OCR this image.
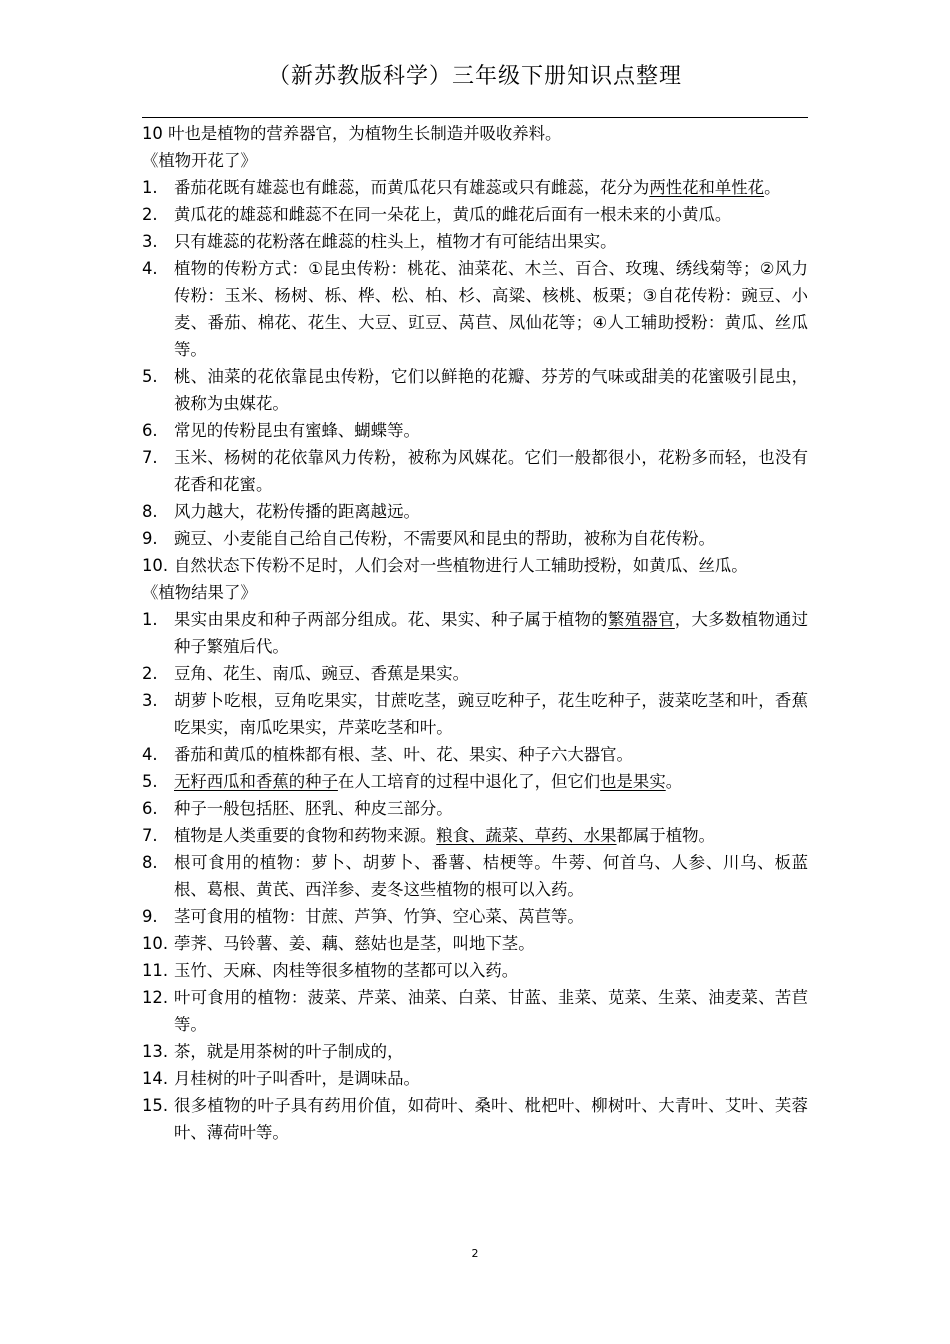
（新苏教版科学）三年级下册知识点整理

10 叶也是植物的营养器官，为植物生长制造并吸收养料。

《植物开花了》

1. 番茄花既有雄蕊也有雌蕊，而黄瓜花只有雄蕊或只有雌蕊，花分为两性花和单性花。
2. 黄瓜花的雄蕊和雌蕊不在同一朵花上，黄瓜的雌花后面有一根未来的小黄瓜。
3. 只有雄蕊的花粉落在雌蕊的柱头上，植物才有可能结出果实。
4. 植物的传粉方式：①昆虫传粉：桃花、油菜花、木兰、百合、玫瑰、绣线菊等；②风力传粉：玉米、杨树、栎、桦、松、柏、杉、高粱、核桃、板栗；③自花传粉：豌豆、小麦、番茄、棉花、花生、大豆、豇豆、莴苣、凤仙花等；④人工辅助授粉：黄瓜、丝瓜等。
5. 桃、油菜的花依靠昆虫传粉，它们以鲜艳的花瓣、芬芳的气味或甜美的花蜜吸引昆虫，被称为虫媒花。
6. 常见的传粉昆虫有蜜蜂、蝴蝶等。
7. 玉米、杨树的花依靠风力传粉，被称为风媒花。它们一般都很小，花粉多而轻，也没有花香和花蜜。
8. 风力越大，花粉传播的距离越远。
9. 豌豆、小麦能自己给自己传粉，不需要风和昆虫的帮助，被称为自花传粉。
10. 自然状态下传粉不足时，人们会对一些植物进行人工辅助授粉，如黄瓜、丝瓜。

《植物结果了》

1. 果实由果皮和种子两部分组成。花、果实、种子属于植物的繁殖器官，大多数植物通过种子繁殖后代。
2. 豆角、花生、南瓜、豌豆、香蕉是果实。
3. 胡萝卜吃根，豆角吃果实，甘蔗吃茎，豌豆吃种子，花生吃种子，菠菜吃茎和叶，香蕉吃果实，南瓜吃果实，芹菜吃茎和叶。
4. 番茄和黄瓜的植株都有根、茎、叶、花、果实、种子六大器官。
5. 无籽西瓜和香蕉的种子在人工培育的过程中退化了，但它们也是果实。
6. 种子一般包括胚、胚乳、种皮三部分。
7. 植物是人类重要的食物和药物来源。粮食、蔬菜、草药、水果都属于植物。
8. 根可食用的植物：萝卜、胡萝卜、番薯、桔梗等。牛蒡、何首乌、人参、川乌、板蓝根、葛根、黄芪、西洋参、麦冬这些植物的根可以入药。
9. 茎可食用的植物：甘蔗、芦笋、竹笋、空心菜、莴苣等。
10. 荸荠、马铃薯、姜、藕、慈姑也是茎，叫地下茎。
11. 玉竹、天麻、肉桂等很多植物的茎都可以入药。
12. 叶可食用的植物：菠菜、芹菜、油菜、白菜、甘蓝、韭菜、苋菜、生菜、油麦菜、苦苣等。
13. 茶，就是用茶树的叶子制成的，
14. 月桂树的叶子叫香叶，是调味品。
15. 很多植物的叶子具有药用价值，如荷叶、桑叶、枇杷叶、柳树叶、大青叶、艾叶、芙蓉叶、薄荷叶等。
2
